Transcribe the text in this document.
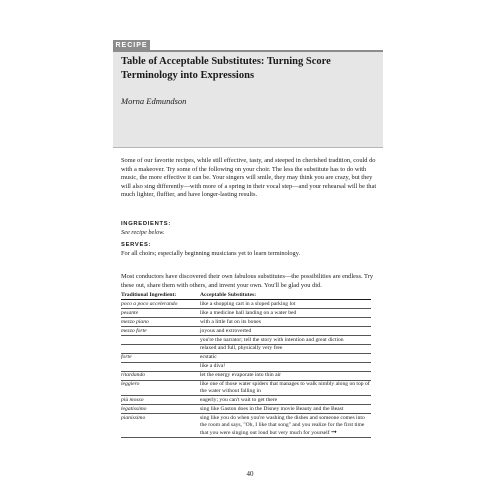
RECIPE
Table of Acceptable Substitutes: Turning Score Terminology into Expressions
Morna Edmundson

Some of our favorite recipes, while still effective, tasty, and steeped in cherished tradition, could do with a makeover. Try some of the following on your choir. The less the substitute has to do with music, the more effective it can be. Your singers will smile, they may think you are crazy, but they will also sing differently—with more of a spring in their vocal step—and your rehearsal will be that much lighter, fluffier, and have longer-lasting results.

INGREDIENTS:
See recipe below.
SERVES:
For all choirs; especially beginning musicians yet to learn terminology.

Most conductors have discovered their own fabulous substitutes—the possibilities are endless. Try these out, share them with others, and invent your own. You'll be glad you did.

Traditional Ingredient:	Acceptable Substitutes:
poco a poco accelerando	like a shopping cart in a sloped parking lot
pesante	like a medicine ball landing on a water bed
mezzo piano	with a little fat on its bones
mezzo forte	joyous and extroverted
	you're the narrator; tell the story with intention and great diction
	relaxed and full, physically very free
forte	ecstatic
	like a diva!
ritardando	let the energy evaporate into thin air
leggiero	like one of those water spiders that manages to walk nimbly along on top of the water without falling in
più mosso	eagerly; you can't wait to get there
legatissimo	sing like Gaston does in the Disney movie Beauty and the Beast
pianissimo	sing like you do when you're washing the dishes and someone comes into the room and says, "Oh, I like that song" and you realize for the first time that you were singing out loud but very much for yourself ➞
40
